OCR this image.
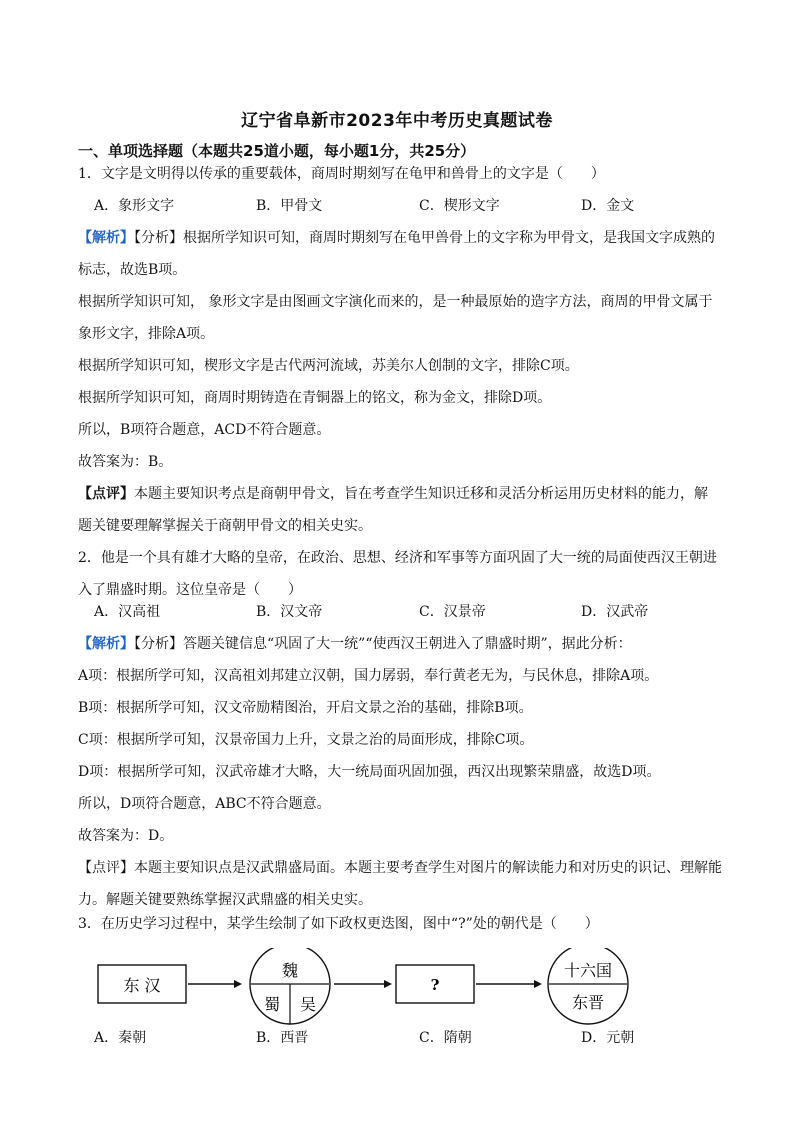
辽宁省阜新市2023年中考历史真题试卷
一、单项选择题（本题共25道小题，每小题1分，共25分）
1．文字是文明得以传承的重要载体，商周时期刻写在龟甲和兽骨上的文字是（　　）
A．象形文字	B．甲骨文	C．楔形文字	D．金文
【解析】【分析】根据所学知识可知，商周时期刻写在龟甲兽骨上的文字称为甲骨文，是我国文字成熟的
标志，故选B项。
根据所学知识可知， 象形文字是由图画文字演化而来的，是一种最原始的造字方法，商周的甲骨文属于
象形文字，排除A项。
根据所学知识可知，楔形文字是古代两河流域，苏美尔人创制的文字，排除C项。
根据所学知识可知，商周时期铸造在青铜器上的铭文，称为金文，排除D项。
所以，B项符合题意，ACD不符合题意。
故答案为：B。
【点评】本题主要知识考点是商朝甲骨文，旨在考查学生知识迁移和灵活分析运用历史材料的能力，解
题关键要理解掌握关于商朝甲骨文的相关史实。
2．他是一个具有雄才大略的皇帝，在政治、思想、经济和军事等方面巩固了大一统的局面使西汉王朝进
入了鼎盛时期。这位皇帝是（　　）
A．汉高祖	B．汉文帝	C．汉景帝	D．汉武帝
【解析】【分析】答题关键信息“巩固了大一统”“使西汉王朝进入了鼎盛时期”，据此分析：
A项：根据所学可知，汉高祖刘邦建立汉朝，国力孱弱，奉行黄老无为，与民休息，排除A项。
B项：根据所学可知，汉文帝励精图治，开启文景之治的基础，排除B项。
C项：根据所学可知，汉景帝国力上升，文景之治的局面形成，排除C项。
D项：根据所学可知，汉武帝雄才大略，大一统局面巩固加强，西汉出现繁荣鼎盛，故选D项。
所以，D项符合题意，ABC不符合题意。
故答案为：D。
【点评】本题主要知识点是汉武鼎盛局面。本题主要考查学生对图片的解读能力和对历史的识记、理解能
力。解题关键要熟练掌握汉武鼎盛的相关史实。
3．在历史学习过程中，某学生绘制了如下政权更迭图，图中“?”处的朝代是（　　）
东 汉
魏
蜀 吴
?
十六国
东晋
A．秦朝	B．西晋	C．隋朝	D．元朝
